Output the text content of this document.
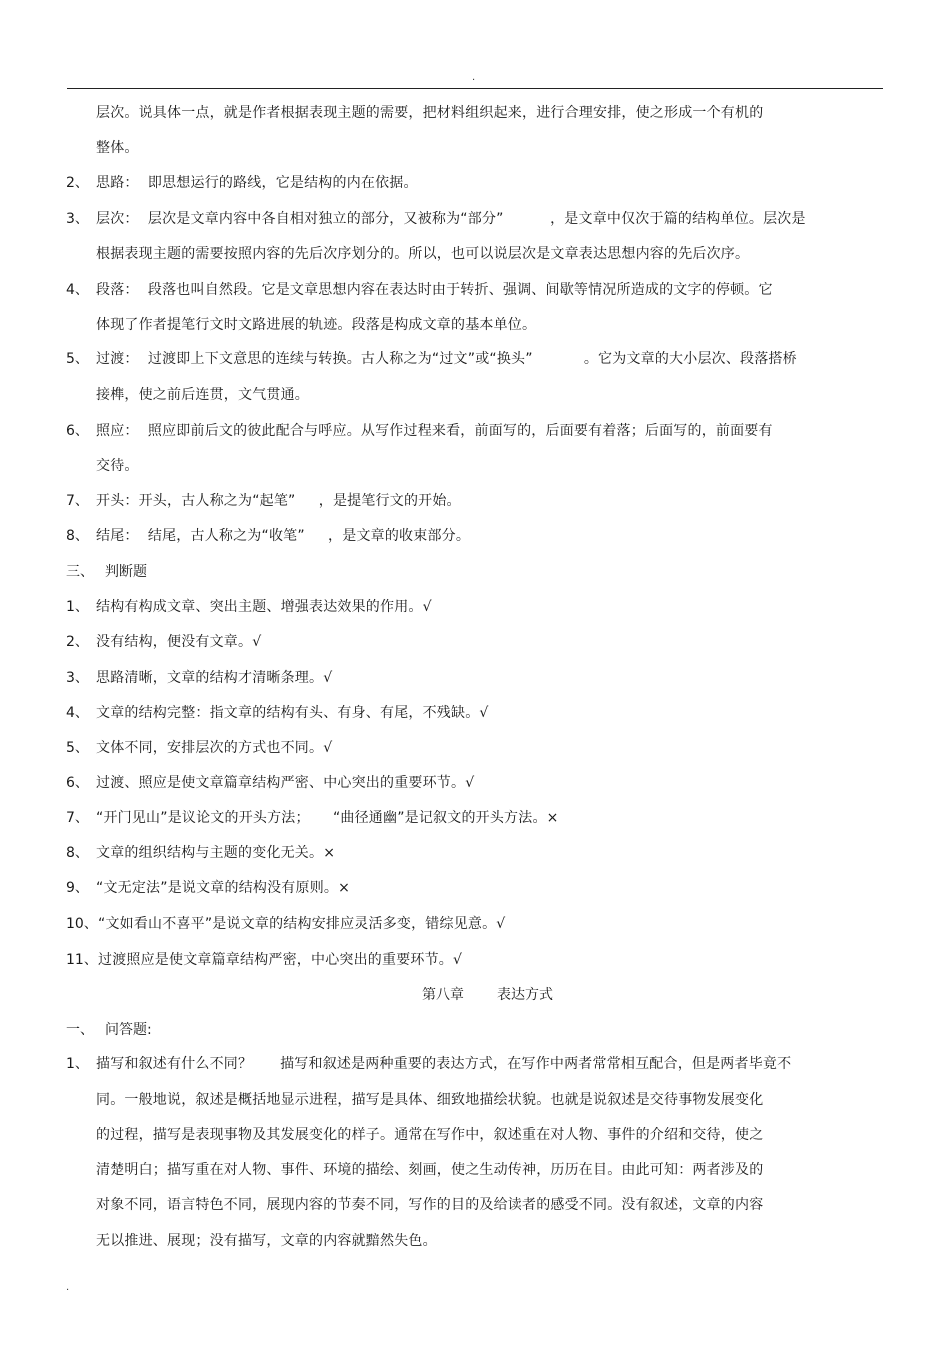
.
层次。说具体一点，就是作者根据表现主题的需要，把材料组织起来，进行合理安排，使之形成一个有机的
整体。
2、 思路：  即思想运行的路线，它是结构的内在依据。
3、 层次：  层次是文章内容中各自相对独立的部分，又被称为“部分”          ，是文章中仅次于篇的结构单位。层次是
根据表现主题的需要按照内容的先后次序划分的。所以，也可以说层次是文章表达思想内容的先后次序。
4、 段落：  段落也叫自然段。它是文章思想内容在表达时由于转折、强调、间歇等情况所造成的文字的停顿。它
体现了作者提笔行文时文路进展的轨迹。段落是构成文章的基本单位。
5、 过渡：  过渡即上下文意思的连续与转换。古人称之为“过文”或“换头”           。它为文章的大小层次、段落搭桥
接榫，使之前后连贯，文气贯通。
6、 照应：  照应即前后文的彼此配合与呼应。从写作过程来看，前面写的，后面要有着落；后面写的，前面要有
交待。
7、 开头：开头，古人称之为“起笔”     ，是提笔行文的开始。
8、 结尾：  结尾，古人称之为“收笔”     ，是文章的收束部分。
三、 判断题
1、 结构有构成文章、突出主题、增强表达效果的作用。√
2、 没有结构，便没有文章。√
3、 思路清晰，文章的结构才清晰条理。√
4、 文章的结构完整：指文章的结构有头、有身、有尾，不残缺。√
5、 文体不同，安排层次的方式也不同。√
6、 过渡、照应是使文章篇章结构严密、中心突出的重要环节。√
7、 “开门见山”是议论文的开头方法；     “曲径通幽”是记叙文的开头方法。×
8、 文章的组织结构与主题的变化无关。×
9、 “文无定法”是说文章的结构没有原则。×
10、 “文如看山不喜平”是说文章的结构安排应灵活多变，错综见意。√
11、 过渡照应是使文章篇章结构严密，中心突出的重要环节。√
第八章 表达方式
一、 问答题:
1、 描写和叙述有什么不同？      描写和叙述是两种重要的表达方式，在写作中两者常常相互配合，但是两者毕竟不
同。一般地说，叙述是概括地显示进程，描写是具体、细致地描绘状貌。也就是说叙述是交待事物发展变化
的过程，描写是表现事物及其发展变化的样子。通常在写作中，叙述重在对人物、事件的介绍和交待，使之
清楚明白；描写重在对人物、事件、环境的描绘、刻画，使之生动传神，历历在目。由此可知：两者涉及的
对象不同，语言特色不同，展现内容的节奏不同，写作的目的及给读者的感受不同。没有叙述，文章的内容
无以推进、展现；没有描写，文章的内容就黯然失色。
.
